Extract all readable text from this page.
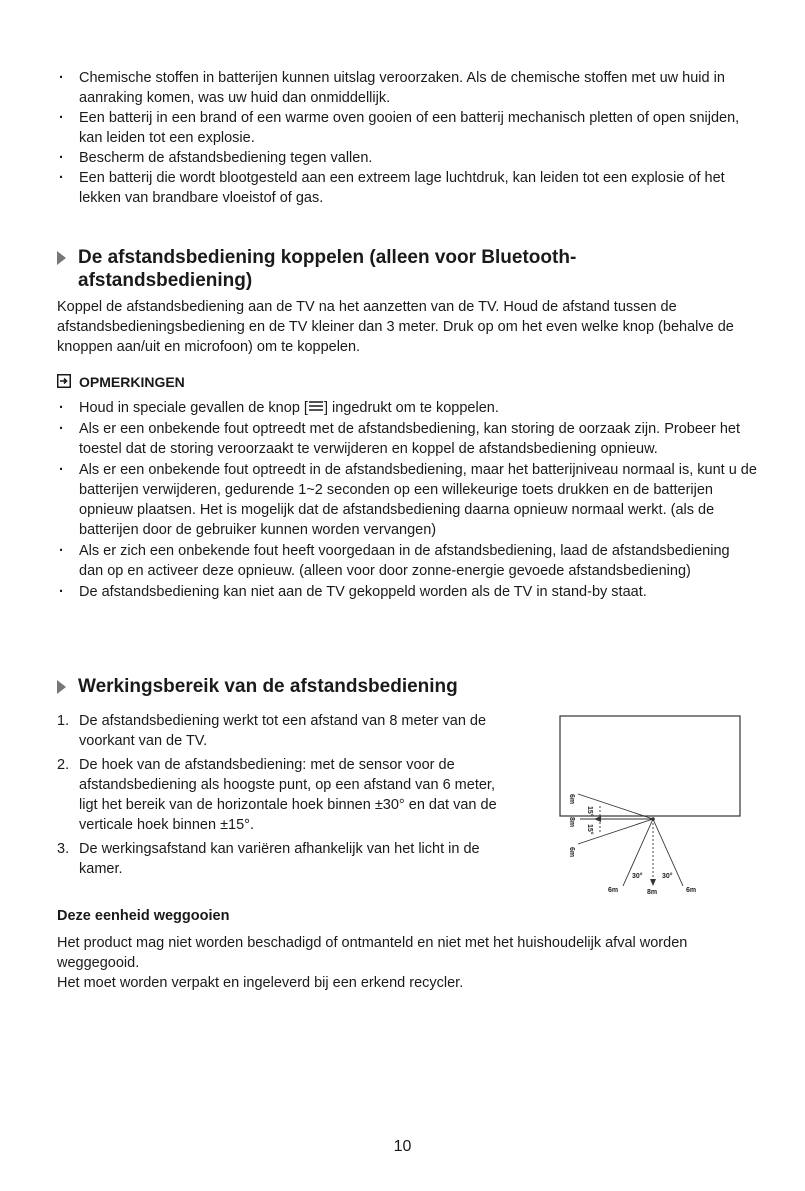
· Chemische stoffen in batterijen kunnen uitslag veroorzaken. Als de chemische stoffen met uw huid in aanraking komen, was uw huid dan onmiddellijk.
· Een batterij in een brand of een warme oven gooien of een batterij mechanisch pletten of open snijden, kan leiden tot een explosie.
· Bescherm de afstandsbediening tegen vallen.
· Een batterij die wordt blootgesteld aan een extreem lage luchtdruk, kan leiden tot een explosie of het lekken van brandbare vloeistof of gas.
De afstandsbediening koppelen (alleen voor Bluetooth-
afstandsbediening)
Koppel de afstandsbediening aan de TV na het aanzetten van de TV. Houd de afstand tussen de afstandsbedieningsbediening en de TV kleiner dan 3 meter. Druk op om het even welke knop (behalve de knoppen aan/uit en microfoon) om te koppelen.
OPMERKINGEN
· Houd in speciale gevallen de knop [ ] ingedrukt om te koppelen.
· Als er een onbekende fout optreedt met de afstandsbediening, kan storing de oorzaak zijn. Probeer het toestel dat de storing veroorzaakt te verwijderen en koppel de afstandsbediening opnieuw.
· Als er een onbekende fout optreedt in de afstandsbediening, maar het batterijniveau normaal is, kunt u de batterijen verwijderen, gedurende 1~2 seconden op een willekeurige toets drukken en de batterijen opnieuw plaatsen. Het is mogelijk dat de afstandsbediening daarna opnieuw normaal werkt. (als de batterijen door de gebruiker kunnen worden vervangen)
· Als er zich een onbekende fout heeft voorgedaan in de afstandsbediening, laad de afstandsbediening dan op en activeer deze opnieuw. (alleen voor door zonne-energie gevoede afstandsbediening)
· De afstandsbediening kan niet aan de TV gekoppeld worden als de TV in stand-by staat.
Werkingsbereik van de afstandsbediening
1. De afstandsbediening werkt tot een afstand van 8 meter van de voorkant van de TV.
2. De hoek van de afstandsbediening: met de sensor voor de afstandsbediening als hoogste punt, op een afstand van 6 meter, ligt het bereik van de horizontale hoek binnen ±30° en dat van de verticale hoek binnen ±15°.
3. De werkingsafstand kan variëren afhankelijk van het licht in de kamer.
6m
15°
8m
15°
6m
30°	30°
6m	8m	6m
Deze eenheid weggooien
Het product mag niet worden beschadigd of ontmanteld en niet met het huishoudelijk afval worden weggegooid.
Het moet worden verpakt en ingeleverd bij een erkend recycler.
10
